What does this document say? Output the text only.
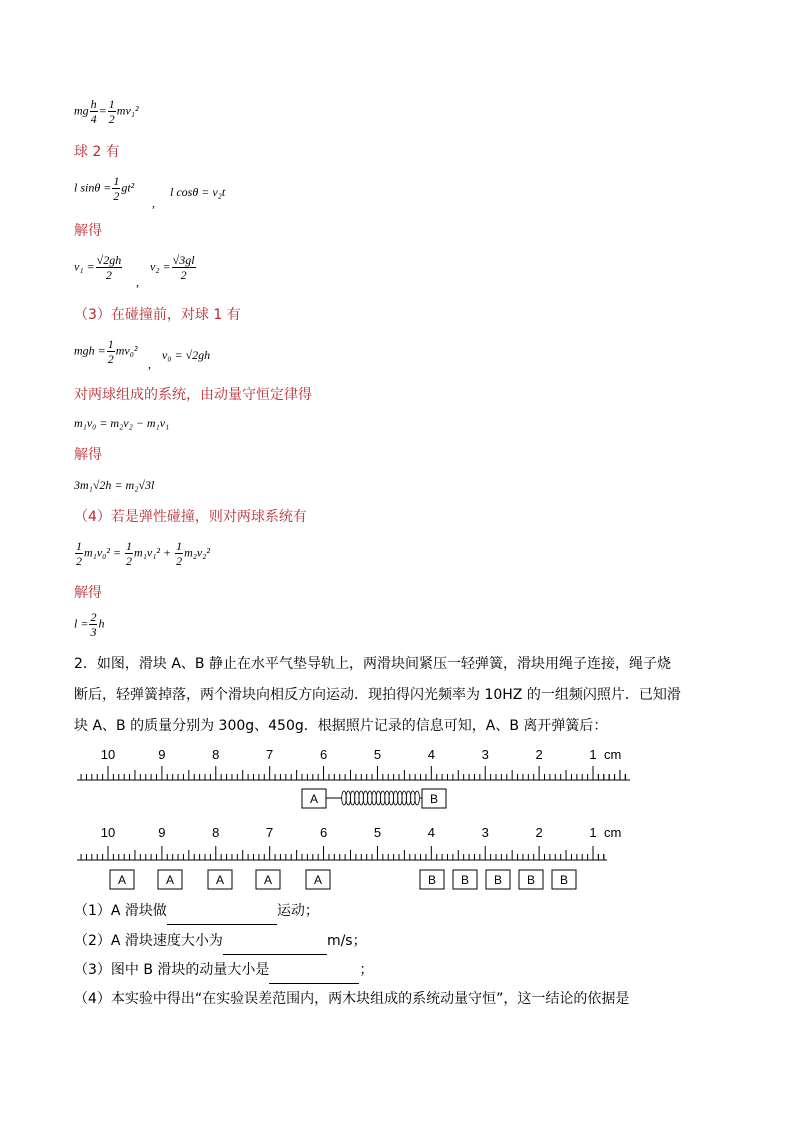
mg $\frac{h}{4} = \frac{1}{2} mv_1^2$
球 2 有
l $\sin\theta = \frac{1}{2} gt^2$
,
l cosθ = v₂t
解得
$v_1 = \frac{√2gh}{2}$
,
$v_2 = \frac{√3gl}{2}$
（3）在碰撞前，对球 1 有
mgh = $\frac{1}{2} mv_0^2$
,
v₀ = √2gh
对两球组成的系统，由动量守恒定律得
m₁v₀ = m₂v₂ − m₁v₁
解得
3m₁√2h = m₂√3l
（4）若是弹性碰撞，则对两球系统有
$\frac{1}{2} m_1v_0^2 = \frac{1}{2} m_1v_1^2 + \frac{1}{2} m_2v_2^2$
解得
$l = \frac{2}{3}$ h
2．如图，滑块 A、B 静止在水平气垫导轨上，两滑块间紧压一轻弹簧，滑块用绳子连接，绳子烧
断后，轻弹簧掉落，两个滑块向相反方向运动．现拍得闪光频率为 10HZ 的一组频闪照片．已知滑
块 A、B 的质量分别为 300g、450g．根据照片记录的信息可知，A、B 离开弹簧后：
10	9	8	7	6	5	4	3	2	1 cm
10	9	8	7	6	5	4	3	2	1 cm
A	B
A	A	A	A	A	B B B B B
（1）A 滑块做	运动；
（2）A 滑块速度大小为	m/s；
（3）图中 B 滑块的动量大小是	；
（4）本实验中得出“在实验误差范围内，两木块组成的系统动量守恒”，这一结论的依据是
